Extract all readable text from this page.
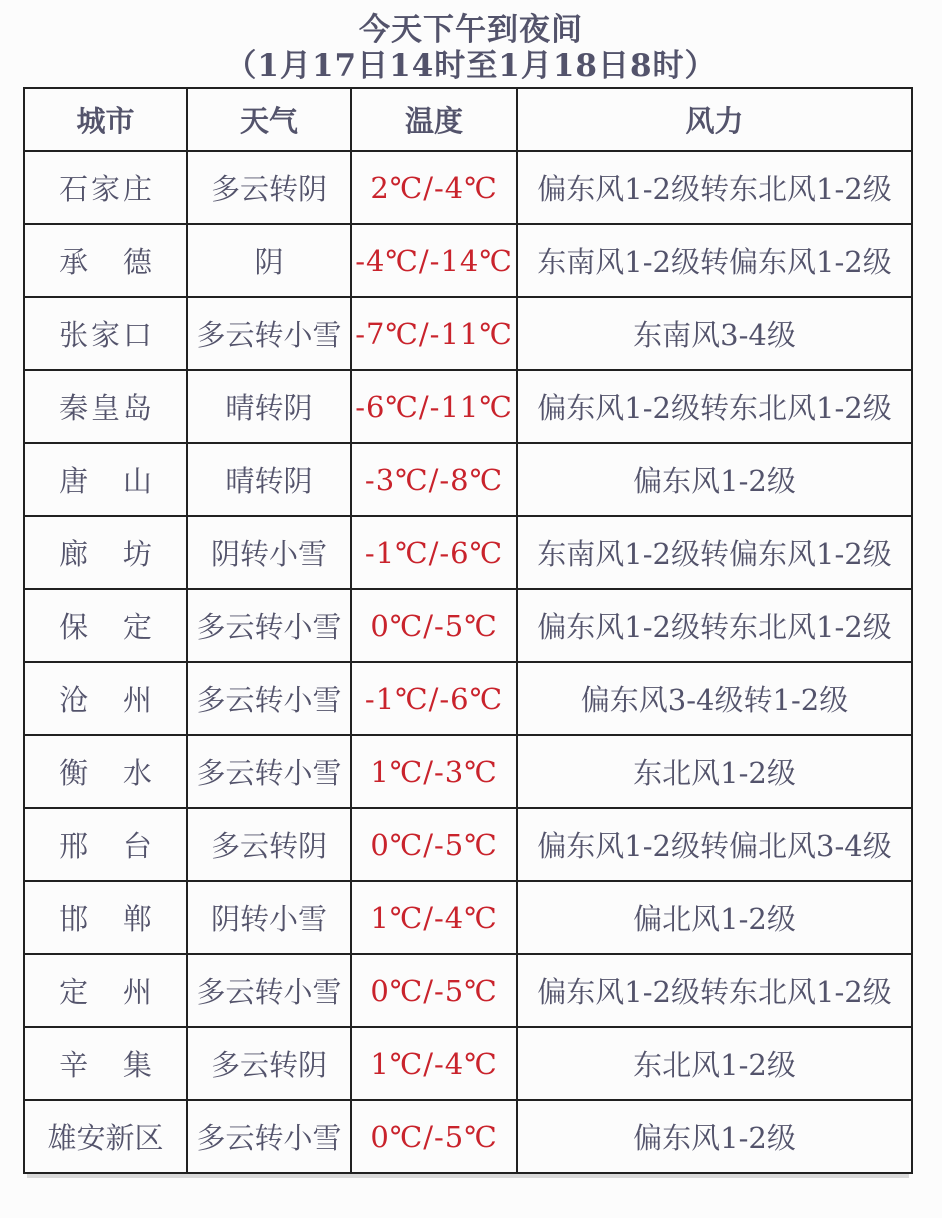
今天下午到夜间
（1月17日14时至1月18日8时）
城市	天气	温度	风力
石家庄	多云转阴	2℃/-4℃	偏东风1-2级转东北风1-2级
承德	阴	-4℃/-14℃	东南风1-2级转偏东风1-2级
张家口	多云转小雪	-7℃/-11℃	东南风3-4级
秦皇岛	晴转阴	-6℃/-11℃	偏东风1-2级转东北风1-2级
唐山	晴转阴	-3℃/-8℃	偏东风1-2级
廊坊	阴转小雪	-1℃/-6℃	东南风1-2级转偏东风1-2级
保定	多云转小雪	0℃/-5℃	偏东风1-2级转东北风1-2级
沧州	多云转小雪	-1℃/-6℃	偏东风3-4级转1-2级
衡水	多云转小雪	1℃/-3℃	东北风1-2级
邢台	多云转阴	0℃/-5℃	偏东风1-2级转偏北风3-4级
邯郸	阴转小雪	1℃/-4℃	偏北风1-2级
定州	多云转小雪	0℃/-5℃	偏东风1-2级转东北风1-2级
辛集	多云转阴	1℃/-4℃	东北风1-2级
雄安新区	多云转小雪	0℃/-5℃	偏东风1-2级
